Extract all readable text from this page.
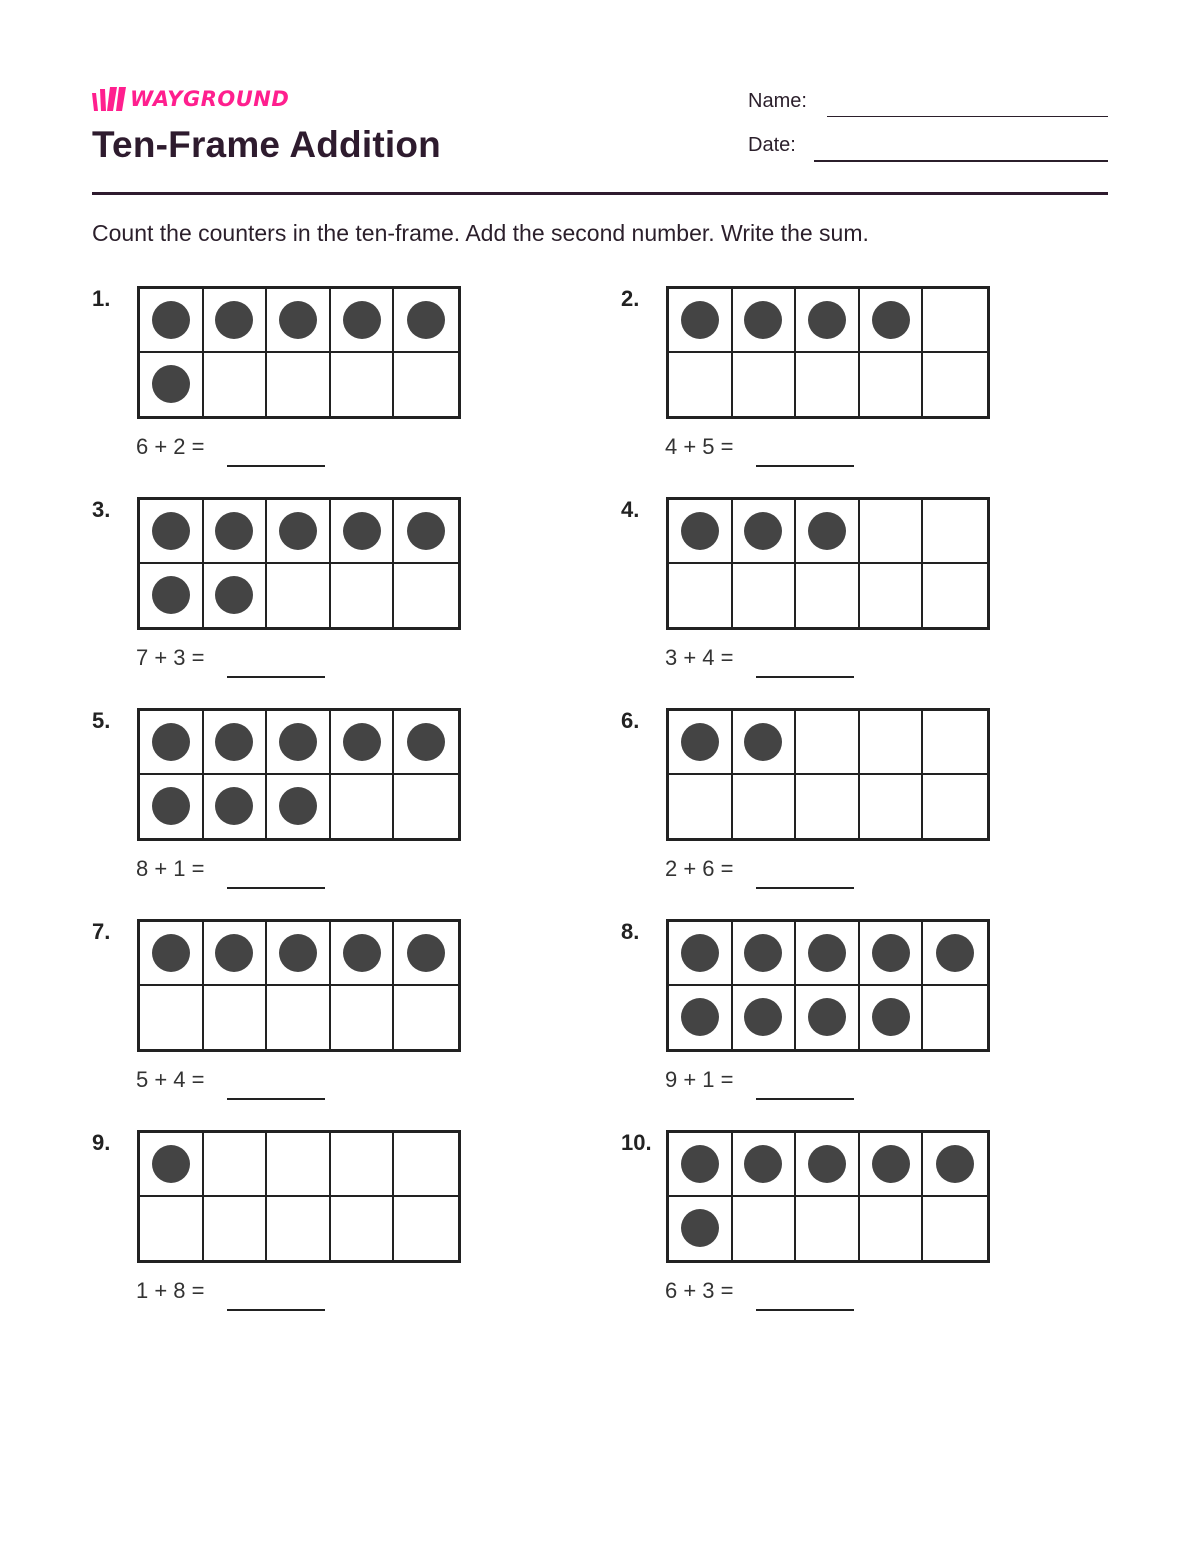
WAYGROUND
Ten-Frame Addition
Name:
Date:
Count the counters in the ten-frame. Add the second number. Write the sum.
1.
6 + 2 =
2.
4 + 5 =
3.
7 + 3 =
4.
3 + 4 =
5.
8 + 1 =
6.
2 + 6 =
7.
5 + 4 =
8.
9 + 1 =
9.
1 + 8 =
10.
6 + 3 =
